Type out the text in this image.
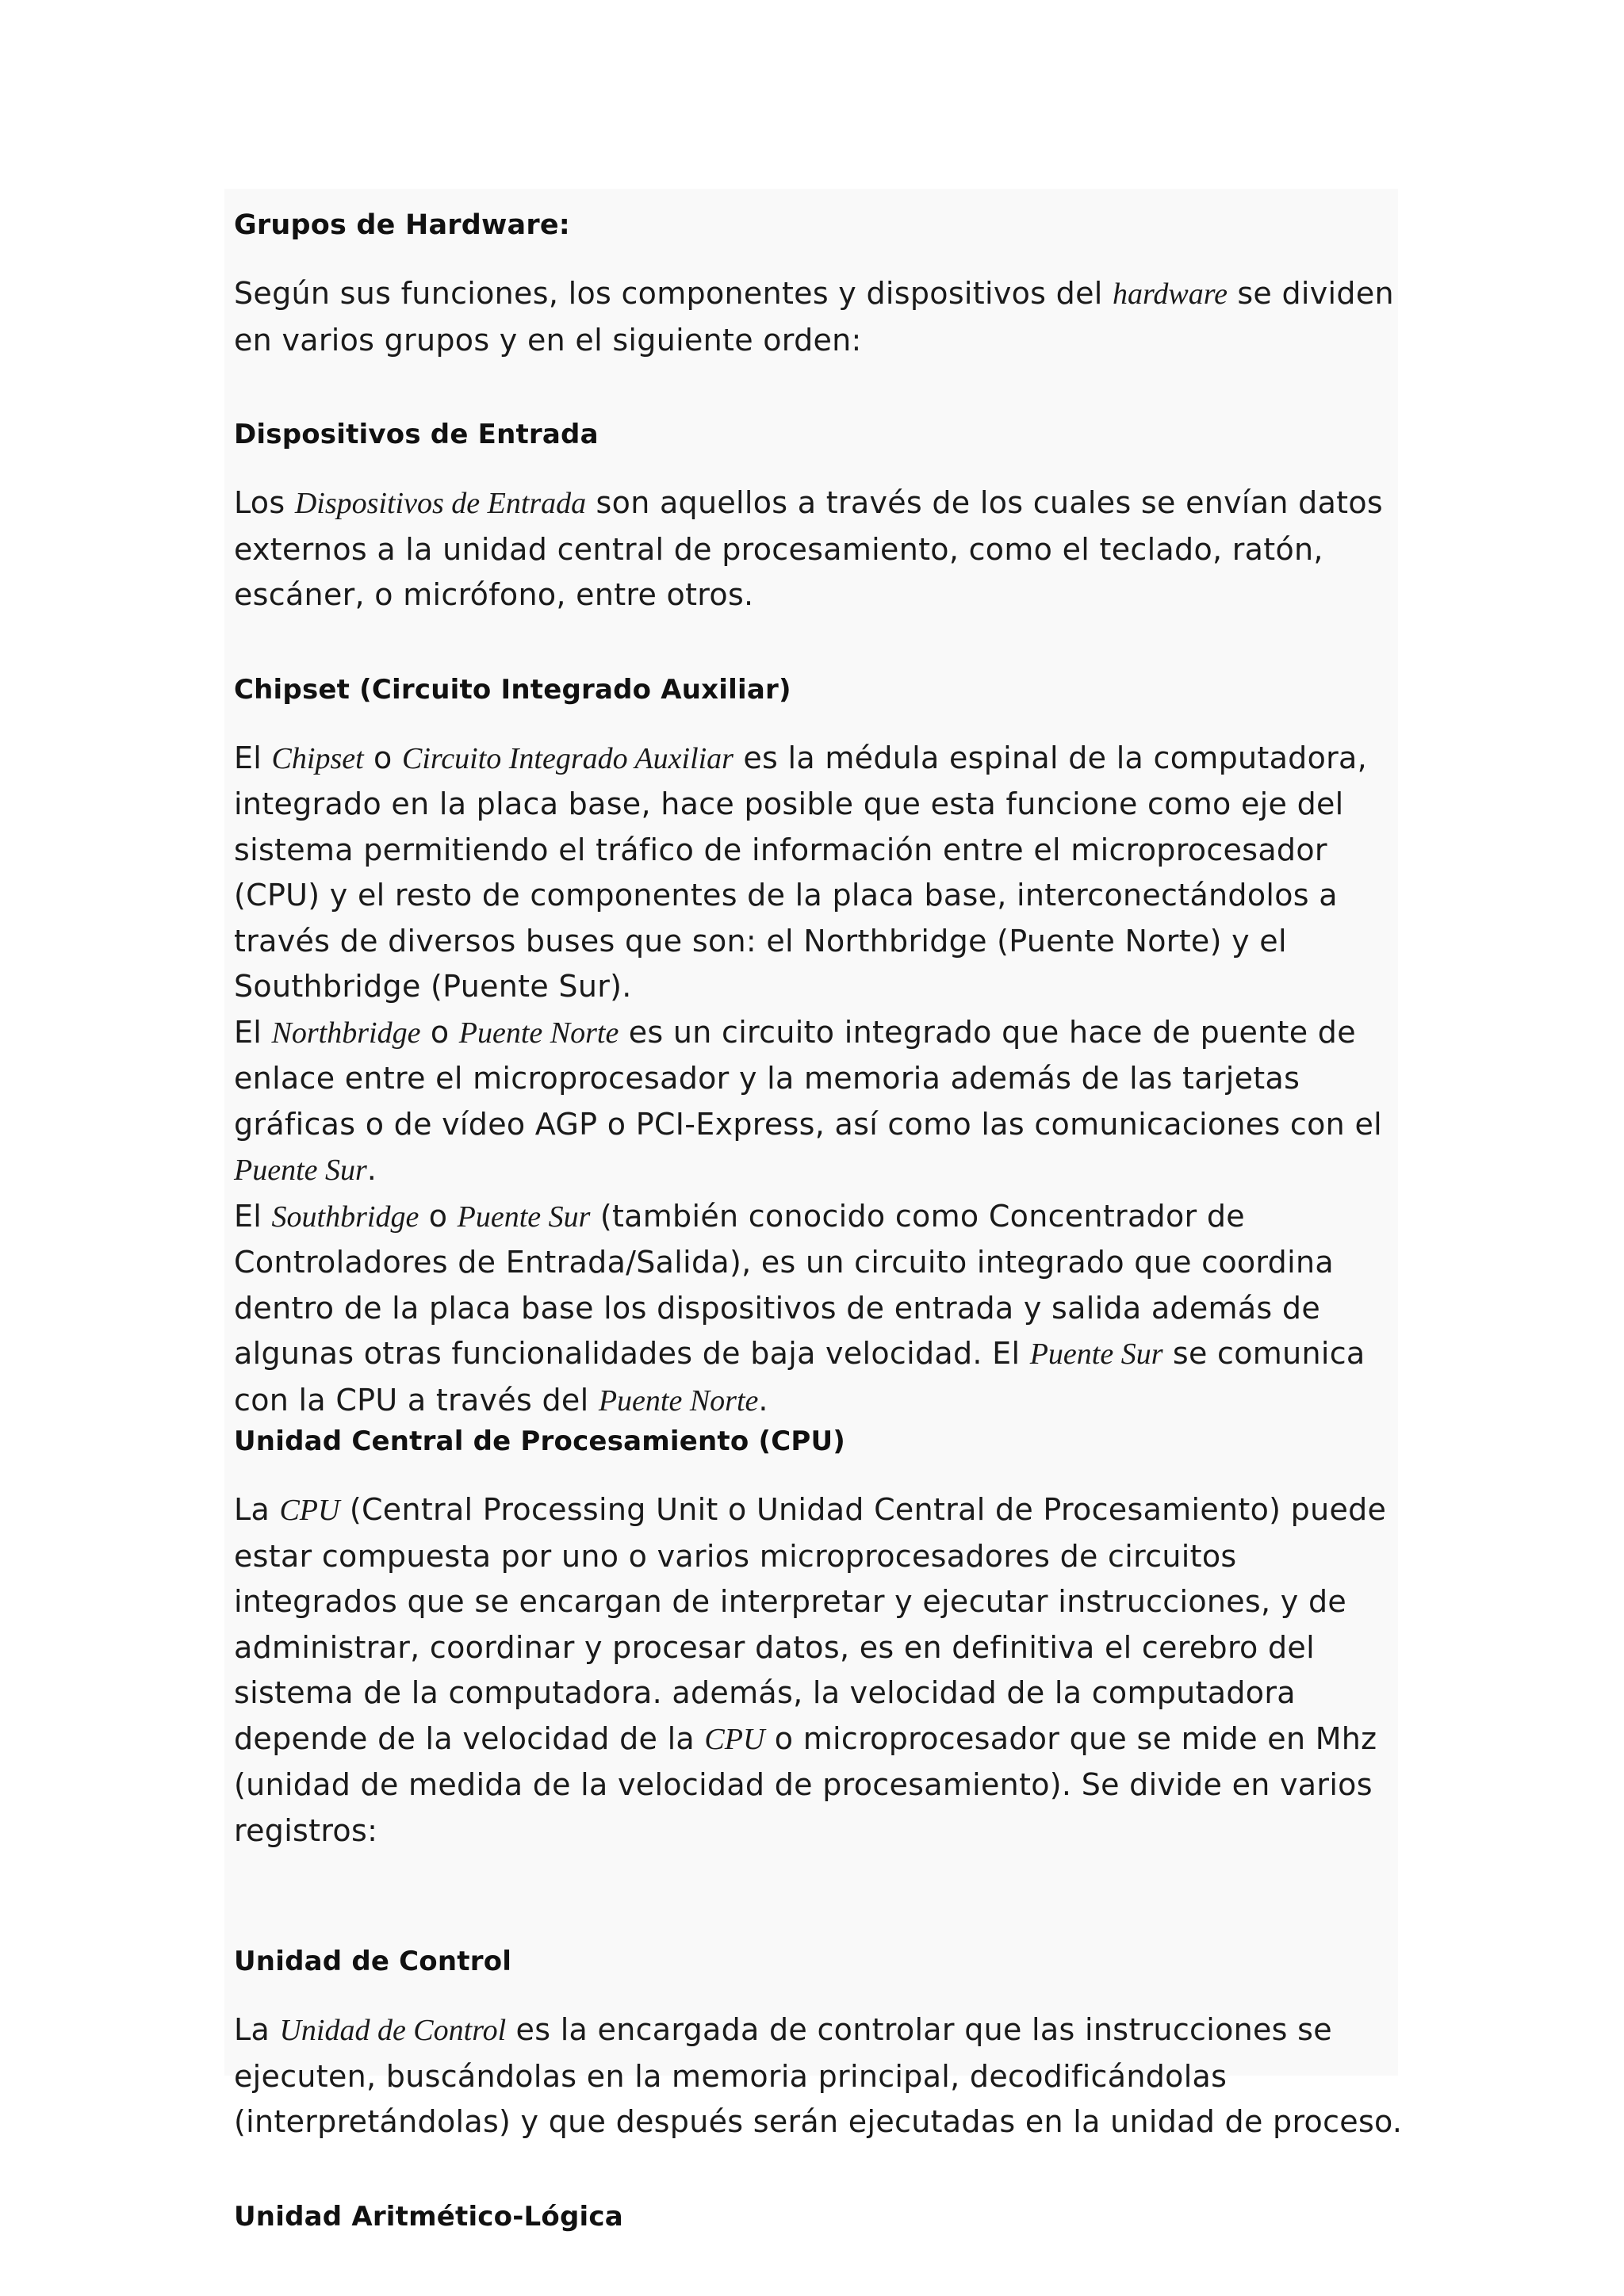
Grupos de Hardware:

Según sus funciones, los componentes y dispositivos del hardware se dividen en varios grupos y en el siguiente orden:

Dispositivos de Entrada

Los Dispositivos de Entrada son aquellos a través de los cuales se envían datos externos a la unidad central de procesamiento, como el teclado, ratón, escáner, o micrófono, entre otros.

Chipset (Circuito Integrado Auxiliar)

El Chipset o Circuito Integrado Auxiliar es la médula espinal de la computadora, integrado en la placa base, hace posible que esta funcione como eje del sistema permitiendo el tráfico de información entre el microprocesador (CPU) y el resto de componentes de la placa base, interconectándolos a través de diversos buses que son: el Northbridge (Puente Norte) y el Southbridge (Puente Sur).

El Northbridge o Puente Norte es un circuito integrado que hace de puente de enlace entre el microprocesador y la memoria además de las tarjetas gráficas o de vídeo AGP o PCI-Express, así como las comunicaciones con el Puente Sur.

El Southbridge o Puente Sur (también conocido como Concentrador de Controladores de Entrada/Salida), es un circuito integrado que coordina dentro de la placa base los dispositivos de entrada y salida además de algunas otras funcionalidades de baja velocidad. El Puente Sur se comunica con la CPU a través del Puente Norte.

Unidad Central de Procesamiento (CPU)

La CPU (Central Processing Unit o Unidad Central de Procesamiento) puede estar compuesta por uno o varios microprocesadores de circuitos integrados que se encargan de interpretar y ejecutar instrucciones, y de administrar, coordinar y procesar datos, es en definitiva el cerebro del sistema de la computadora. además, la velocidad de la computadora depende de la velocidad de la CPU o microprocesador que se mide en Mhz (unidad de medida de la velocidad de procesamiento). Se divide en varios registros:

Unidad de Control

La Unidad de Control es la encargada de controlar que las instrucciones se ejecuten, buscándolas en la memoria principal, decodificándolas (interpretándolas) y que después serán ejecutadas en la unidad de proceso.

Unidad Aritmético-Lógica
